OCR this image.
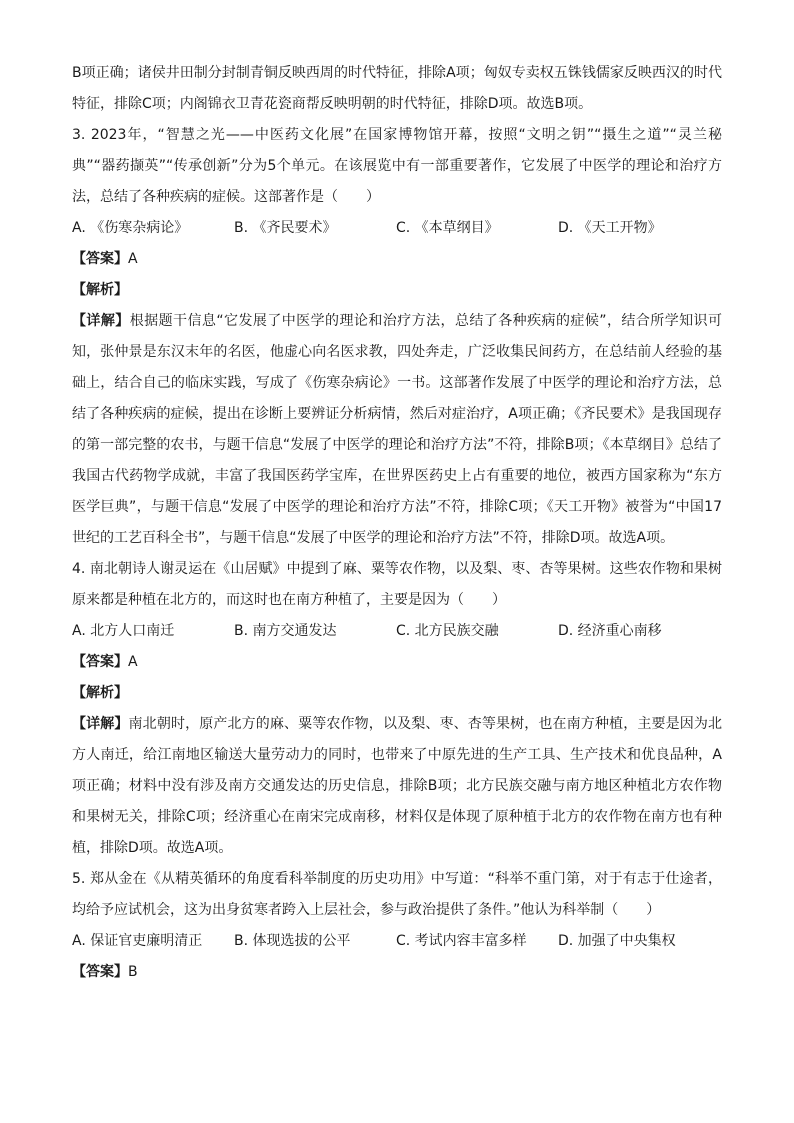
B项正确；诸侯井田制分封制青铜反映西周的时代特征，排除A项；匈奴专卖权五铢钱儒家反映西汉的时代特征，排除C项；内阁锦衣卫青花瓷商帮反映明朝的时代特征，排除D项。故选B项。

3. 2023年，“智慧之光——中医药文化展”在国家博物馆开幕，按照“文明之钥”“摄生之道”“灵兰秘典”“器药撷英”“传承创新”分为5个单元。在该展览中有一部重要著作，它发展了中医学的理论和治疗方法，总结了各种疾病的症候。这部著作是（　　）

A. 《伤寒杂病论》	B. 《齐民要术》	C. 《本草纲目》	D. 《天工开物》

【答案】A

【解析】

【详解】根据题干信息“它发展了中医学的理论和治疗方法，总结了各种疾病的症候”，结合所学知识可知，张仲景是东汉末年的名医，他虚心向名医求教，四处奔走，广泛收集民间药方，在总结前人经验的基础上，结合自己的临床实践，写成了《伤寒杂病论》一书。这部著作发展了中医学的理论和治疗方法，总结了各种疾病的症候，提出在诊断上要辨证分析病情，然后对症治疗，A项正确；《齐民要术》是我国现存的第一部完整的农书，与题干信息“发展了中医学的理论和治疗方法”不符，排除B项；《本草纲目》总结了我国古代药物学成就，丰富了我国医药学宝库，在世界医药史上占有重要的地位，被西方国家称为“东方医学巨典”，与题干信息“发展了中医学的理论和治疗方法”不符，排除C项；《天工开物》被誉为“中国17世纪的工艺百科全书”，与题干信息“发展了中医学的理论和治疗方法”不符，排除D项。故选A项。

4. 南北朝诗人谢灵运在《山居赋》中提到了麻、粟等农作物，以及梨、枣、杏等果树。这些农作物和果树原来都是种植在北方的，而这时也在南方种植了，主要是因为（　　）

A. 北方人口南迁	B. 南方交通发达	C. 北方民族交融	D. 经济重心南移

【答案】A

【解析】

【详解】南北朝时，原产北方的麻、粟等农作物，以及梨、枣、杏等果树，也在南方种植，主要是因为北方人南迁，给江南地区输送大量劳动力的同时，也带来了中原先进的生产工具、生产技术和优良品种，A项正确；材料中没有涉及南方交通发达的历史信息，排除B项；北方民族交融与南方地区种植北方农作物和果树无关，排除C项；经济重心在南宋完成南移，材料仅是体现了原种植于北方的农作物在南方也有种植，排除D项。故选A项。

5. 郑从金在《从精英循环的角度看科举制度的历史功用》中写道：“科举不重门第，对于有志于仕途者，均给予应试机会，这为出身贫寒者跨入上层社会，参与政治提供了条件。”他认为科举制（　　）

A. 保证官吏廉明清正	B. 体现选拔的公平	C. 考试内容丰富多样	D. 加强了中央集权

【答案】B
